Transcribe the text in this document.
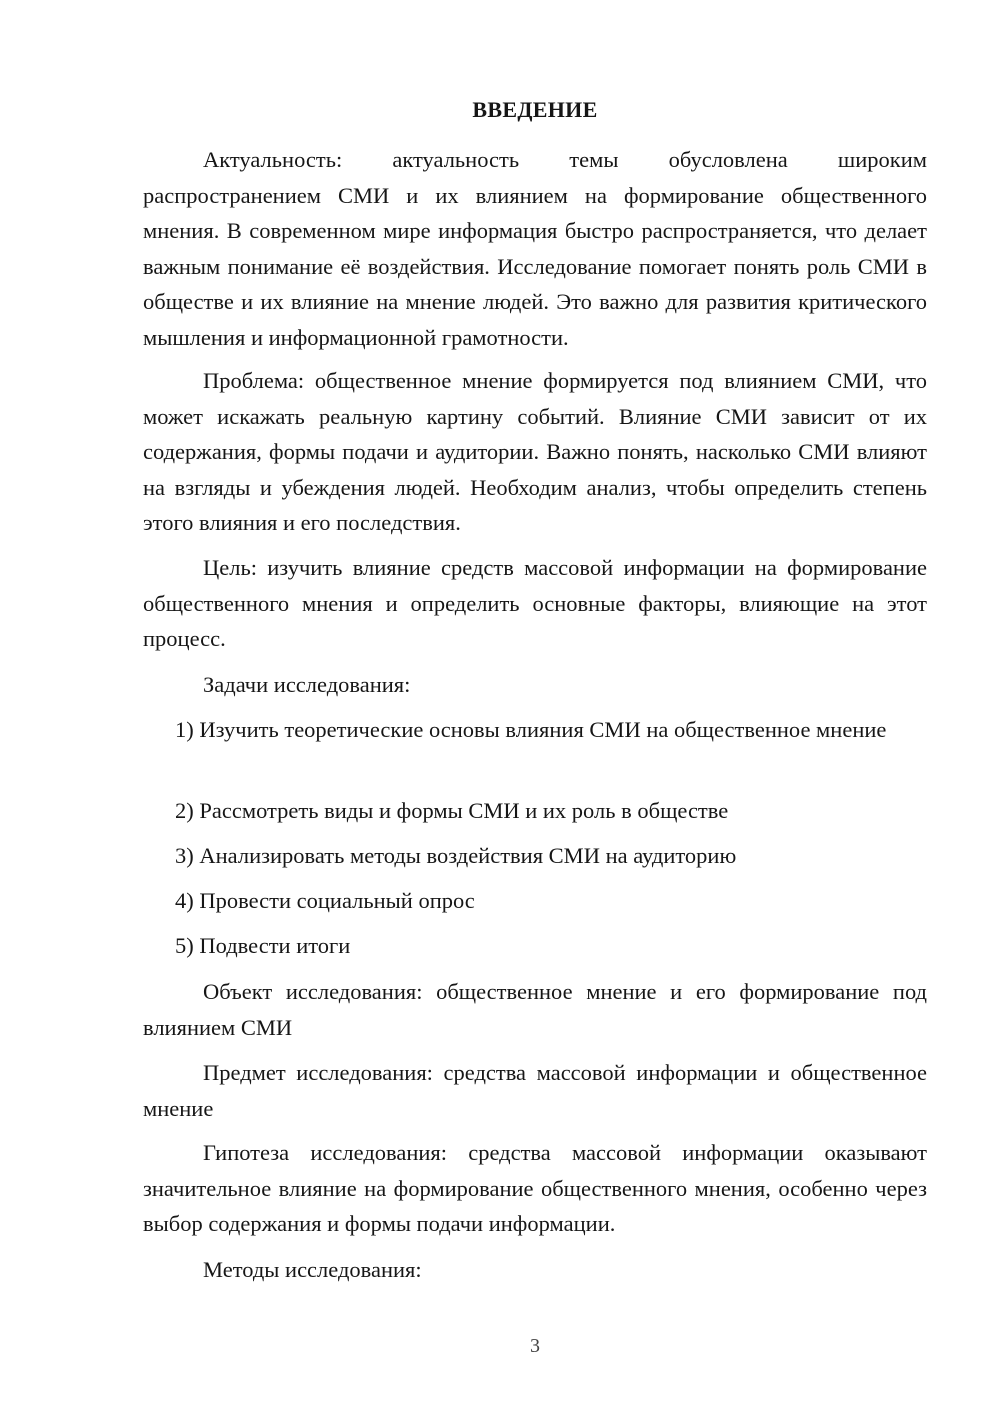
ВВЕДЕНИЕ

Актуальность: актуальность темы обусловлена широким распространением СМИ и их влиянием на формирование общественного мнения. В современном мире информация быстро распространяется, что делает важным понимание её воздействия. Исследование помогает понять роль СМИ в обществе и их влияние на мнение людей. Это важно для развития критического мышления и информационной грамотности.

Проблема: общественное мнение формируется под влиянием СМИ, что может искажать реальную картину событий. Влияние СМИ зависит от их содержания, формы подачи и аудитории. Важно понять, насколько СМИ влияют на взгляды и убеждения людей. Необходим анализ, чтобы определить степень этого влияния и его последствия.

Цель: изучить влияние средств массовой информации на формирование общественного мнения и определить основные факторы, влияющие на этот процесс.

Задачи исследования:

1) Изучить теоретические основы влияния СМИ на общественное мнение

2) Рассмотреть виды и формы СМИ и их роль в обществе

3) Анализировать методы воздействия СМИ на аудиторию

4) Провести социальный опрос

5) Подвести итоги

Объект исследования: общественное мнение и его формирование под влиянием СМИ

Предмет исследования: средства массовой информации и общественное мнение

Гипотеза исследования: средства массовой информации оказывают значительное влияние на формирование общественного мнения, особенно через выбор содержания и формы подачи информации.

Методы исследования:

3
